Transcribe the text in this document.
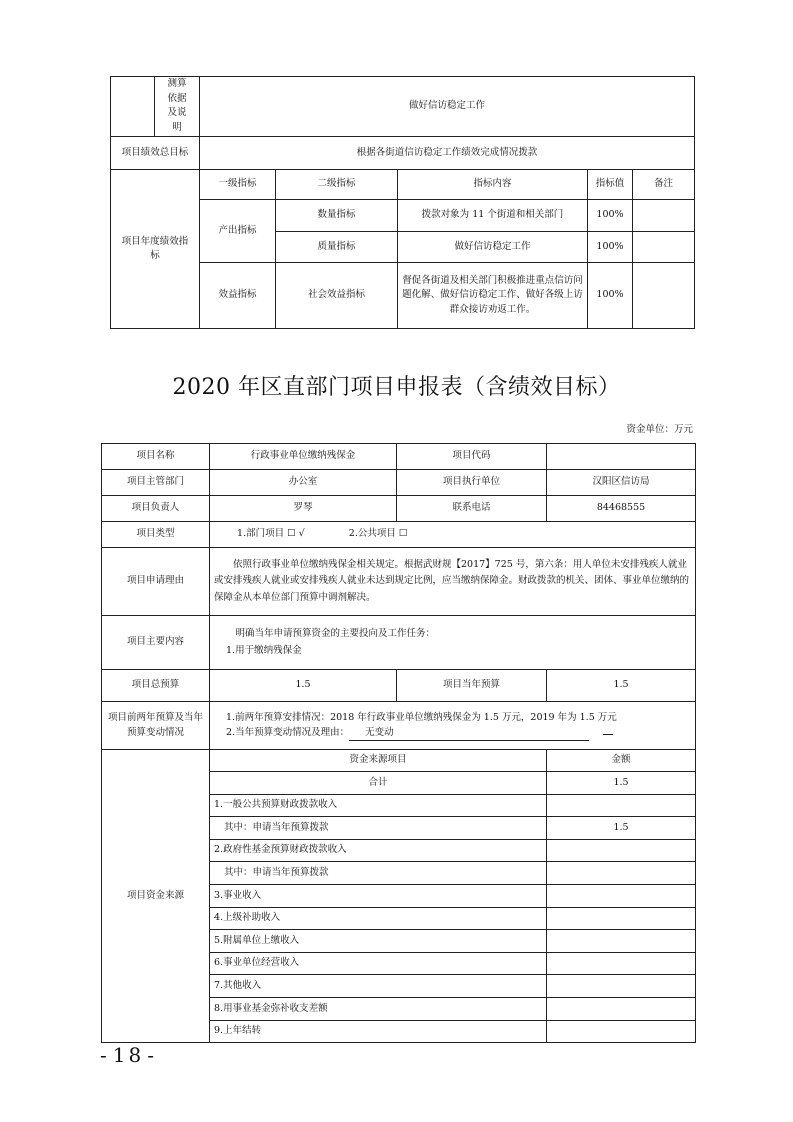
	测算依据及说明	做好信访稳定工作				
项目绩效总目标		根据各街道信访稳定工作绩效完成情况拨款				

项目年度绩效指标		一级指标	二级指标	指标内容	指标值	备注
		产出指标	数量指标	拨款对象为 11 个街道和相关部门	100%	
			质量指标	做好信访稳定工作	100%	
		效益指标	社会效益指标	督促各街道及相关部门积极推进重点信访问题化解、做好信访稳定工作、做好各级上访群众接访劝返工作。	100%	
2020 年区直部门项目申报表（含绩效目标）
资金单位：万元
项目名称	行政事业单位缴纳残保金	项目代码	
项目主管部门	办公室	项目执行单位	汉阳区信访局
项目负责人	罗琴	联系电话	84468555
项目类型	1.部门项目 ☐ √ 2.公共项目 ☐		
项目申请理由	依照行政事业单位缴纳残保金相关规定。根据武财规【2017】725 号，第六条：用人单位未安排残疾人就业或安排残疾人就业或安排残疾人就业未达到规定比例，应当缴纳保障金。财政拨款的机关、团体、事业单位缴纳的保障金从本单位部门预算中调剂解决。		
项目主要内容	明确当年申请预算资金的主要投向及工作任务：
1.用于缴纳残保金		

项目总预算	1.5	项目当年预算	1.5
项目前两年预算及当年预算变动情况	1.前两年预算安排情况：2018 年行政事业单位缴纳残保金为 1.5 万元，2019 年为 1.5 万元
2.当年预算变动情况及理由： 无变动		

项目资金来源	资金来源项目		金额
	合计		1.5
	1.一般公共预算财政拨款收入		
	其中：申请当年预算拨款		1.5
	2.政府性基金预算财政拨款收入		
	其中：申请当年预算拨款		
	3.事业收入		
	4.上级补助收入		
	5.附属单位上缴收入		
	6.事业单位经营收入		
	7.其他收入		
	8.用事业基金弥补收支差额		
	9.上年结转		
- 18 -
